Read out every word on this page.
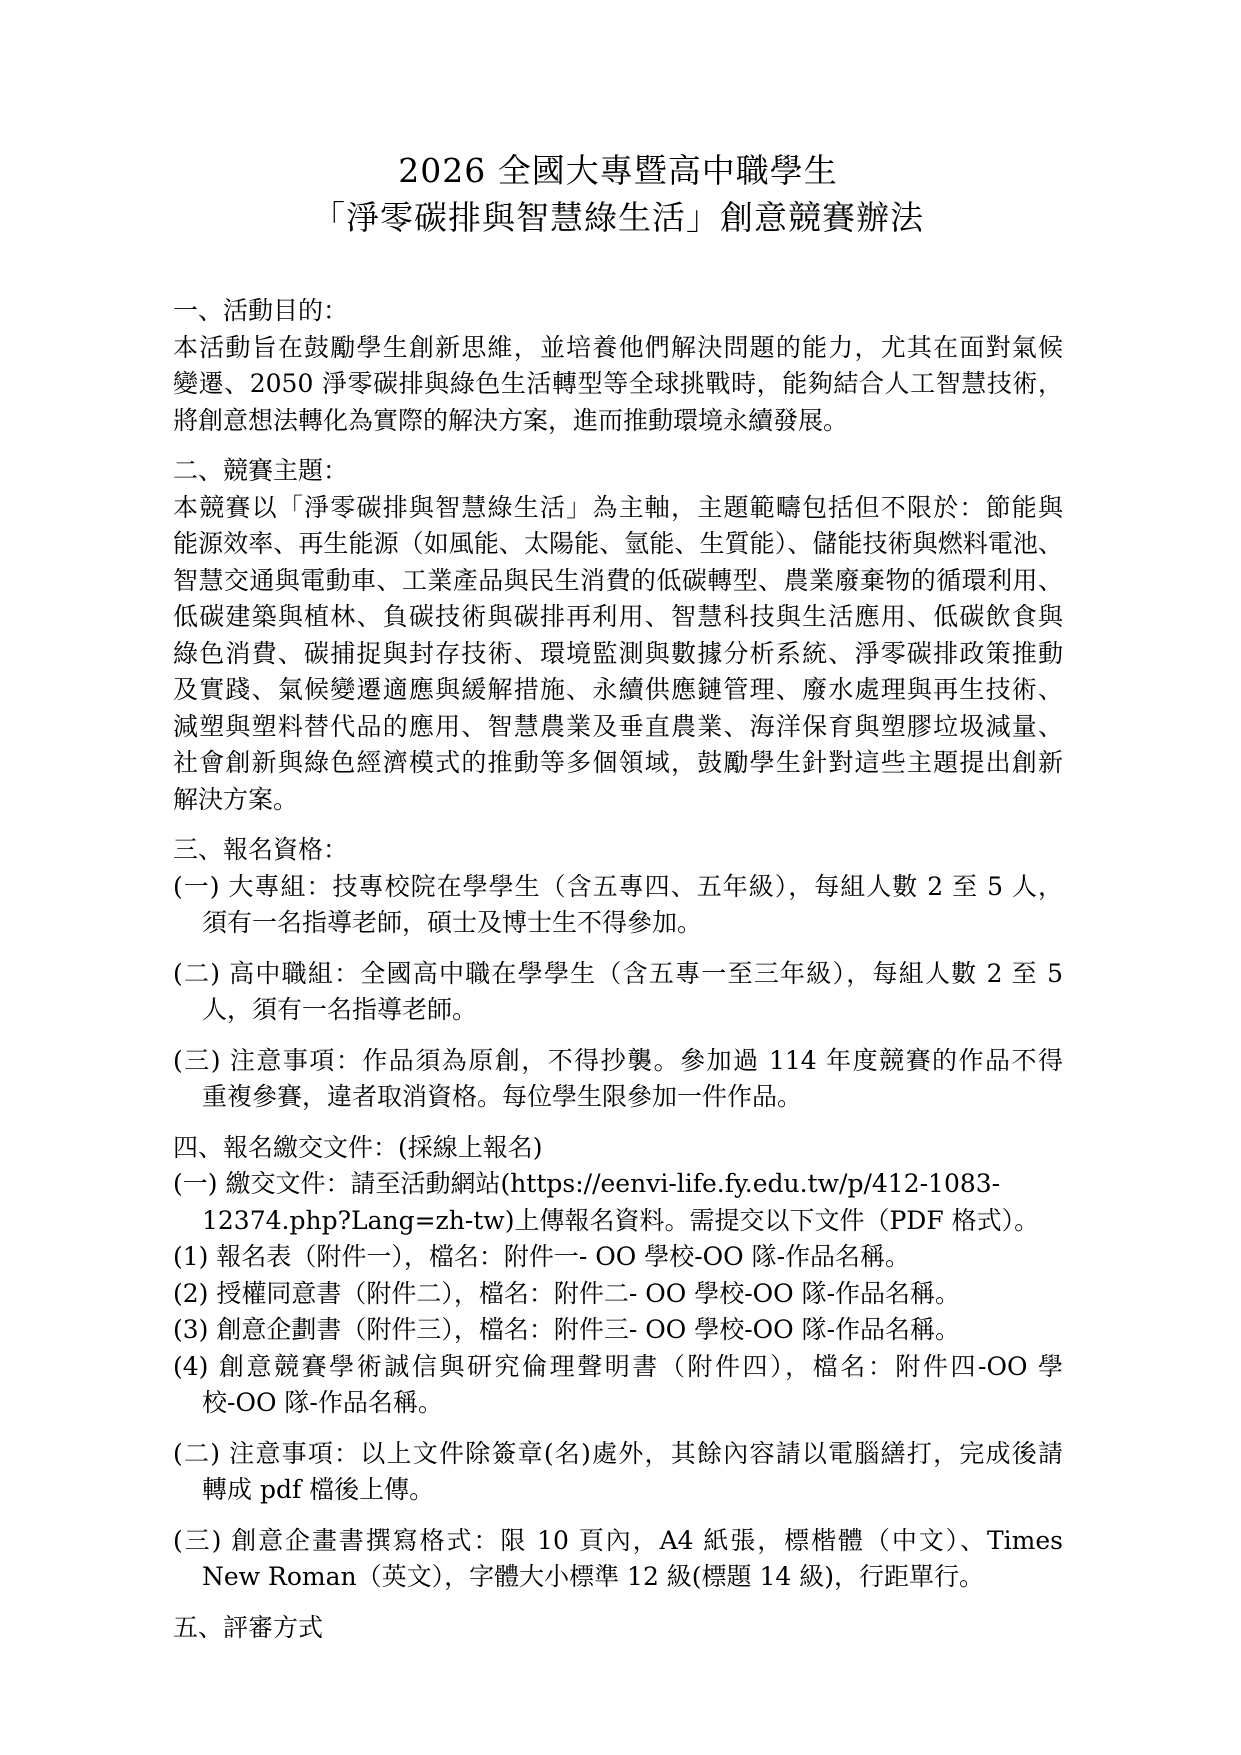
2026 全國大專暨高中職學生
「淨零碳排與智慧綠生活」創意競賽辦法
一、活動目的：
本活動旨在鼓勵學生創新思維，並培養他們解決問題的能力，尤其在面對氣候
變遷、2050 淨零碳排與綠色生活轉型等全球挑戰時，能夠結合人工智慧技術，
將創意想法轉化為實際的解決方案，進而推動環境永續發展。
二、競賽主題：
本競賽以「淨零碳排與智慧綠生活」為主軸，主題範疇包括但不限於：節能與
能源效率、再生能源（如風能、太陽能、氫能、生質能）、儲能技術與燃料電池、
智慧交通與電動車、工業產品與民生消費的低碳轉型、農業廢棄物的循環利用、
低碳建築與植林、負碳技術與碳排再利用、智慧科技與生活應用、低碳飲食與
綠色消費、碳捕捉與封存技術、環境監測與數據分析系統、淨零碳排政策推動
及實踐、氣候變遷適應與緩解措施、永續供應鏈管理、廢水處理與再生技術、
減塑與塑料替代品的應用、智慧農業及垂直農業、海洋保育與塑膠垃圾減量、
社會創新與綠色經濟模式的推動等多個領域，鼓勵學生針對這些主題提出創新
解決方案。
三、報名資格：
(一) 大專組：技專校院在學學生（含五專四、五年級），每組人數 2 至 5 人，
須有一名指導老師，碩士及博士生不得參加。
(二) 高中職組：全國高中職在學學生（含五專一至三年級），每組人數 2 至 5
人，須有一名指導老師。
(三) 注意事項：作品須為原創，不得抄襲。參加過 114 年度競賽的作品不得
重複參賽，違者取消資格。每位學生限參加一件作品。
四、報名繳交文件：(採線上報名)
(一) 繳交文件：請至活動網站(https://eenvi-life.fy.edu.tw/p/412-1083-
12374.php?Lang=zh-tw)上傳報名資料。需提交以下文件（PDF 格式）。
(1) 報名表（附件一），檔名：附件一- OO 學校-OO 隊-作品名稱。
(2) 授權同意書（附件二），檔名：附件二- OO 學校-OO 隊-作品名稱。
(3) 創意企劃書（附件三），檔名：附件三- OO 學校-OO 隊-作品名稱。
(4) 創意競賽學術誠信與研究倫理聲明書（附件四），檔名：附件四-OO 學
校-OO 隊-作品名稱。
(二) 注意事項：以上文件除簽章(名)處外，其餘內容請以電腦繕打，完成後請
轉成 pdf 檔後上傳。
(三) 創意企畫書撰寫格式：限 10 頁內，A4 紙張，標楷體（中文）、Times
New Roman（英文），字體大小標準 12 級(標題 14 級)，行距單行。
五、評審方式
